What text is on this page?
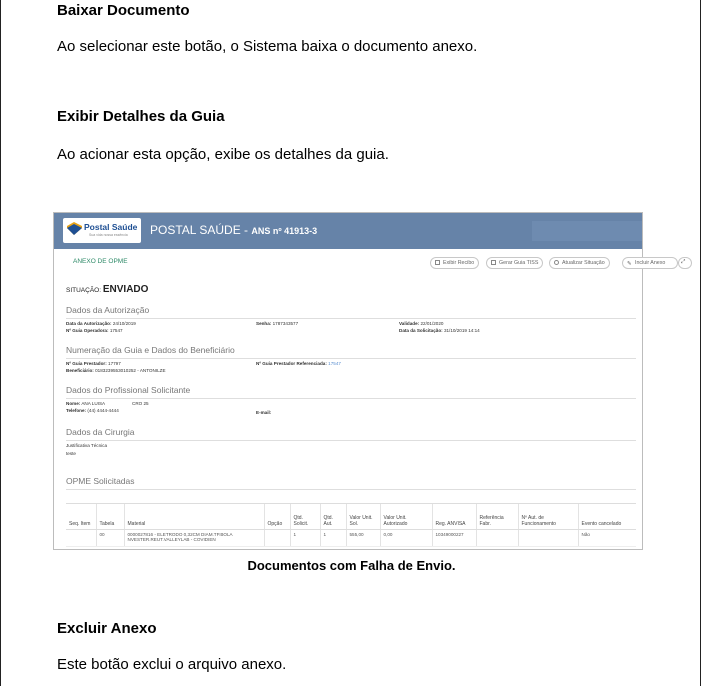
Baixar Documento
Ao selecionar este botão, o Sistema baixa o documento anexo.
Exibir Detalhes da Guia
Ao acionar esta opção, exibe os detalhes da guia.
Postal Saúde
Sua vida nossa essência POSTAL SAÚDE - ANS nº 41913-3
ANEXO DE OPME	Exibir Recibo	Gerar Guia TISS	Atualizar Situação	✎ Incluir Anexo	⤢
SITUAÇÃO: ENVIADO
Dados da Autorização
Data da Autorização: 24/10/2019
Nº Guia Operadora: 17547
Senha: 1787343577	Validade: 22/01/2020
Data da Solicitação: 31/10/2019 14:14
Numeração da Guia e Dados do Beneficiário
Nº Guia Prestador: 17797
Beneficiário: 0183239553010252 - ANTONILZE
Nº Guia Prestador Referenciada: 17547
Dados do Profissional Solicitante
Nome: ANA LUISA	CRO 25
Telefone: (44) 4444-4444	E-mail:
Dados da Cirurgia
Justificativa Técnica
teste
OPME Solicitadas
Seq. Item	Tabela	Material	Opção	Qtd. Solicit.	Qtd. Aut.	Valor Unit. Sol.	Valor Unit. Autorizado	Reg. ANVISA	Referência Fabr.	Nº Aut. de Funcionamento	Evento cancelado
	00	0000027816 - ELETRODO 0,32CM DIAM.TP.BOLA NVESTER.REUT.VALLEYLAB - COVIDIEN		1	1	555,00	0,00	10349000227			Não
Documentos com Falha de Envio.
Excluir Anexo
Este botão exclui o arquivo anexo.
